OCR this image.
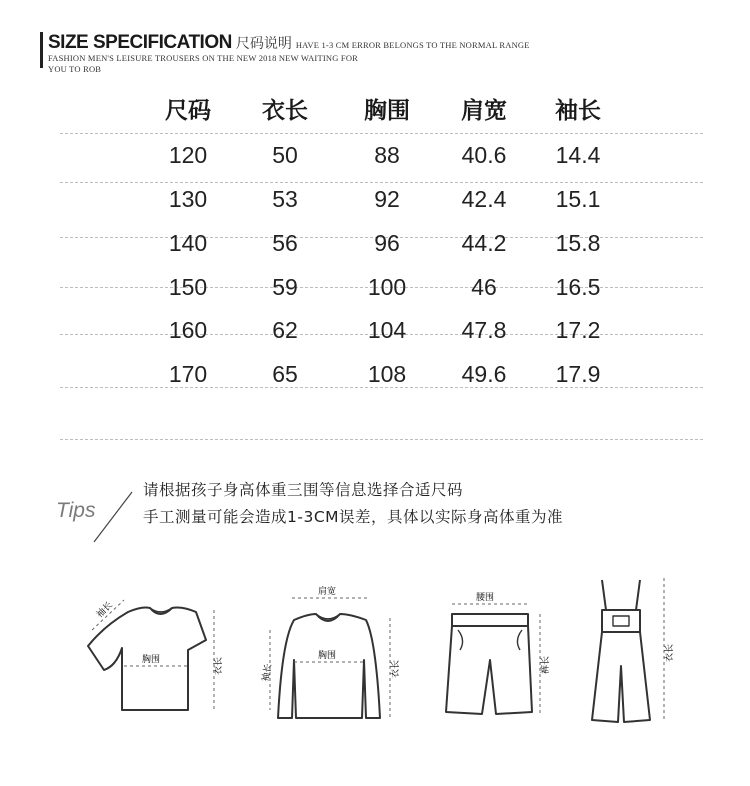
SIZE SPECIFICATION 尺码说明 HAVE 1-3 CM ERROR BELONGS TO THE NORMAL RANGE
FASHION MEN'S LEISURE TROUSERS ON THE NEW 2018 NEW WAITING FOR YOU TO ROB
尺码 衣长 胸围 肩宽 袖长
120	50	88	40.6 14.4
130	53	92	42.4 15.1
140	56	96	44.2 15.8
150	59	100	46	16.5
160	62	104 47.8 17.2
170	65	108 49.6 17.9
Tips
请根据孩子身高体重三围等信息选择合适尺码
手工测量可能会造成1-3CM误差，具体以实际身高体重为准
袖长
胸围	衣长
肩宽
袖长
胸围
衣长
腰围
裤长
衣长
